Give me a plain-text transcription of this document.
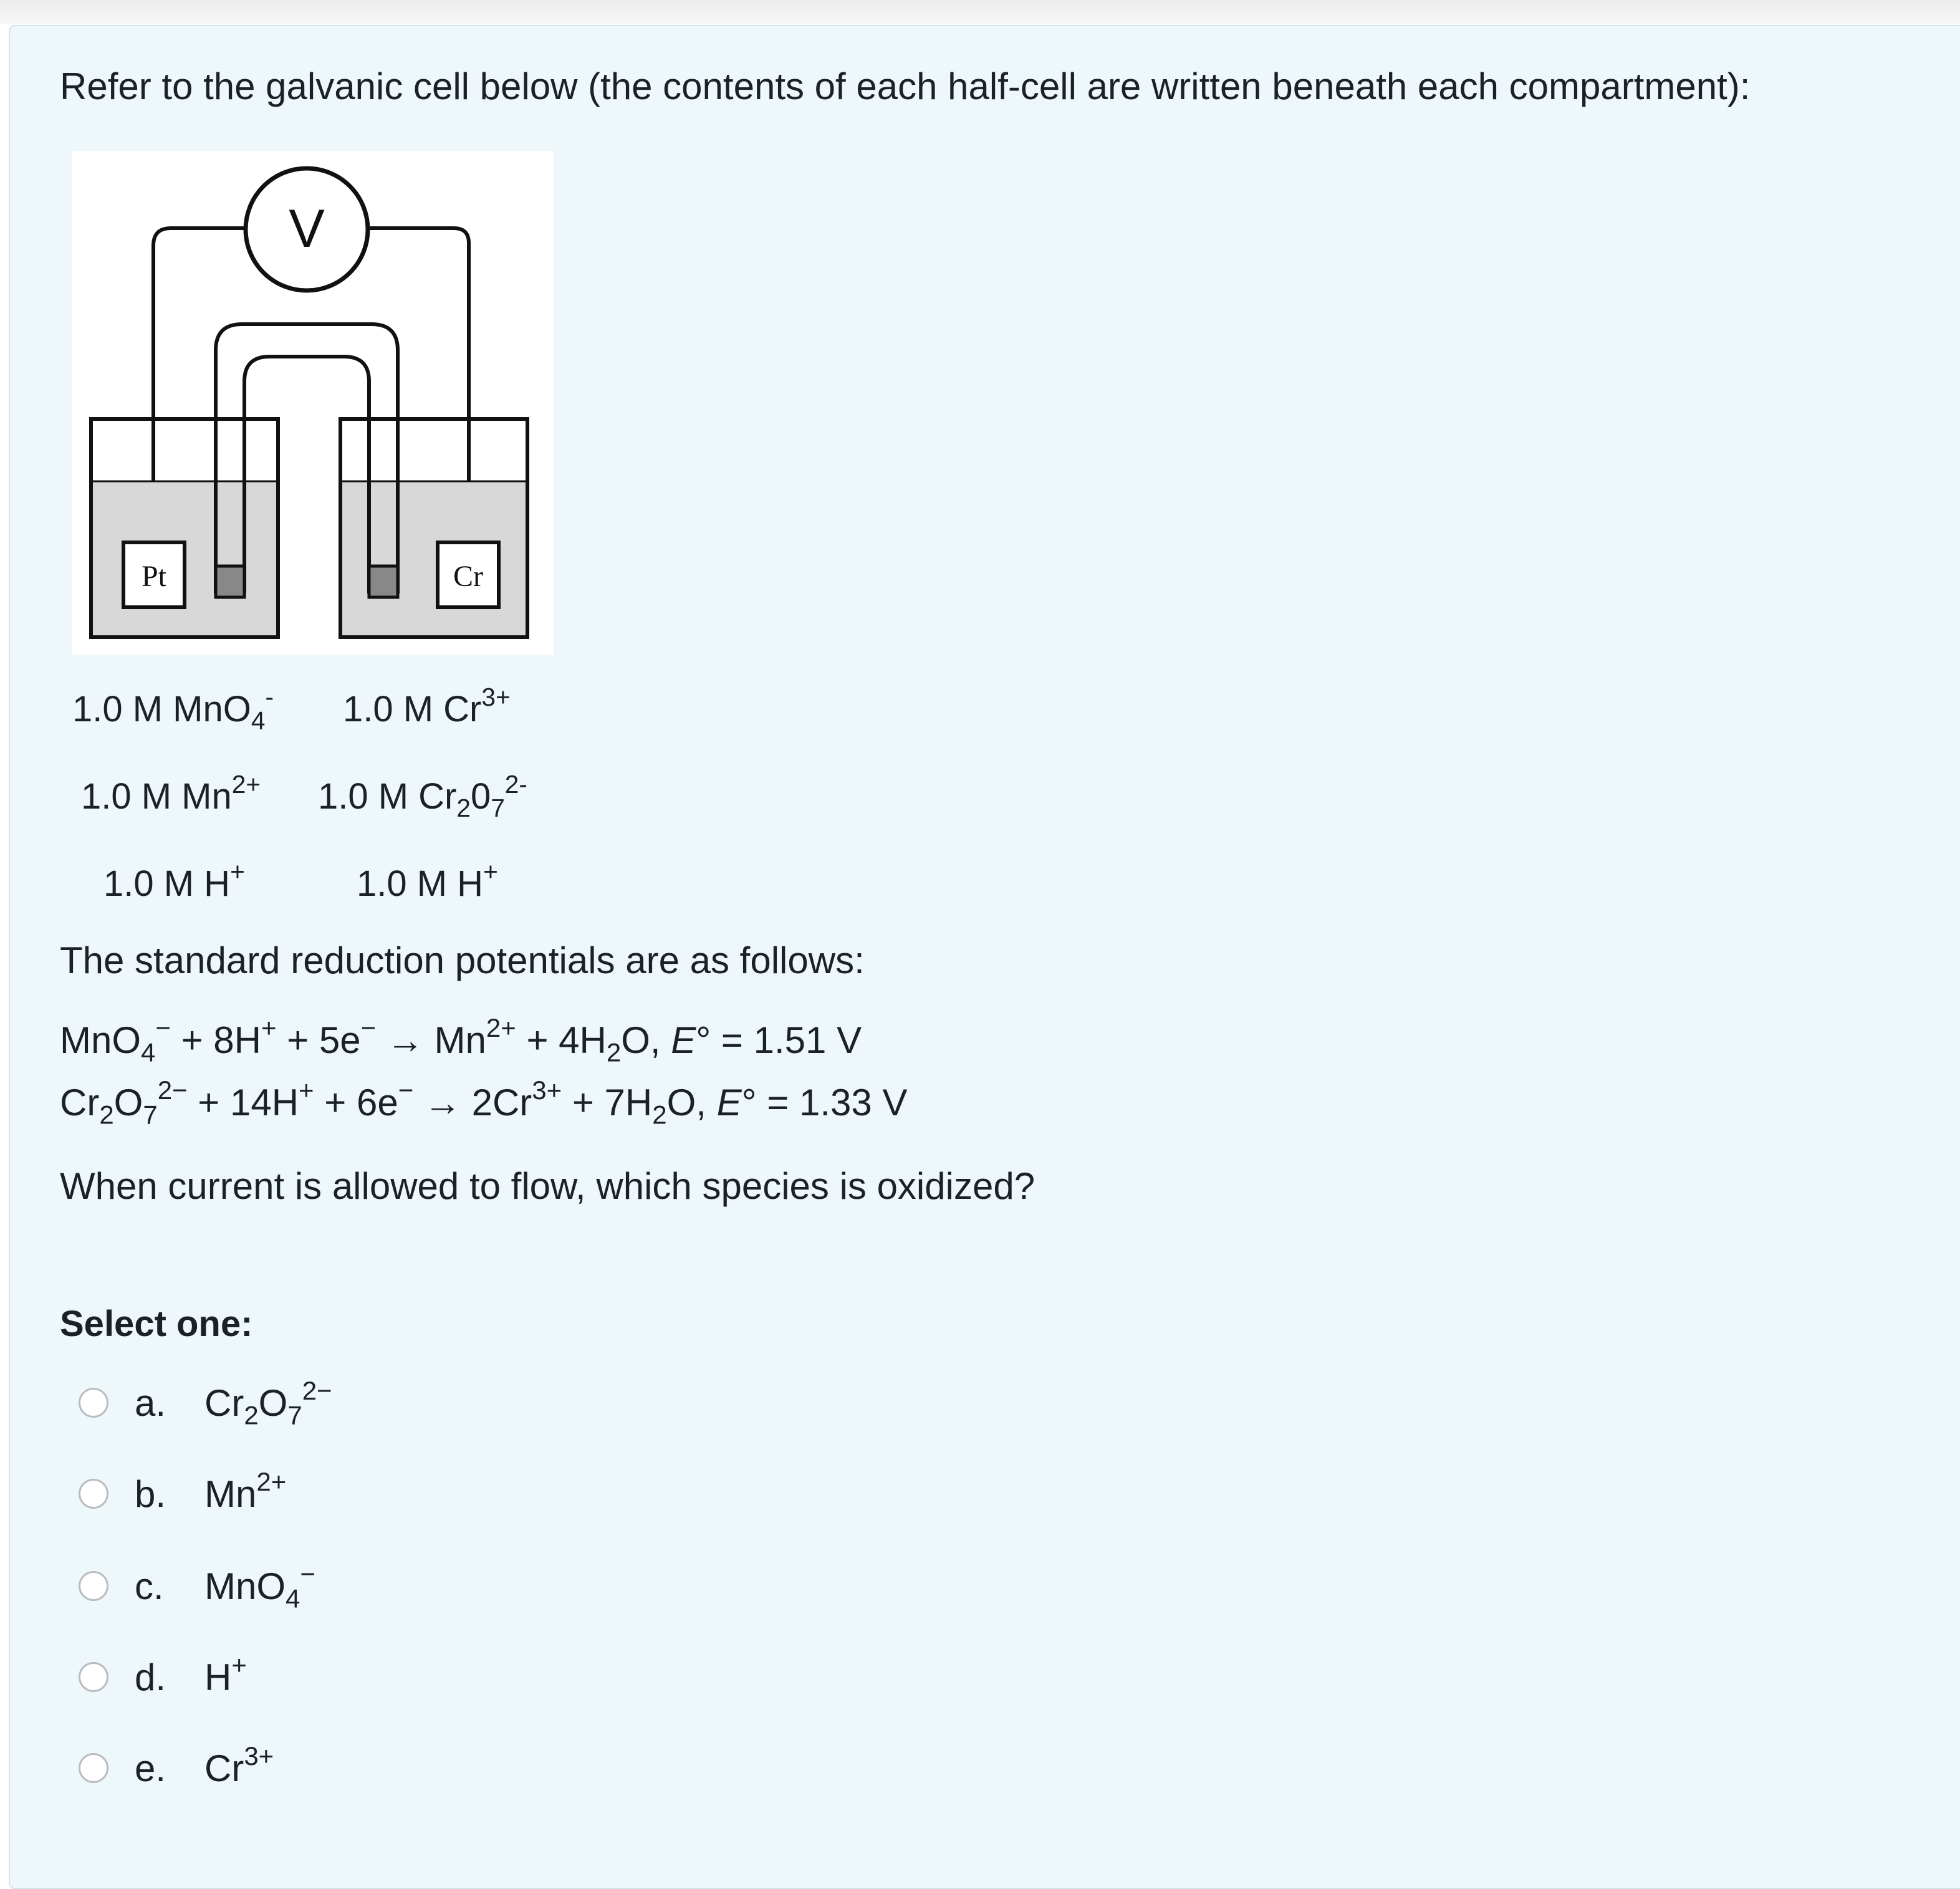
Refer to the galvanic cell below (the contents of each half-cell are written beneath each compartment):
V
Pt	Cr
1.0 M MnO$_4$- 1.0 M $Cr^{3+}$
1.0 M $Mn^{2+}$ 1.0 M $Cr_20_7^{2-}$
1.0 M H+	1.0 M H+
The standard reduction potentials are as follows:
$MnO_4^- + 8H^+ + 5e^- \to Mn^{2+} + 4H_2O$, E° = 1.51 V
$Cr_2O_7^{2-} + 14H^+ + 6e^- \to 2Cr^{3+} + 7H_2O$, E° = 1.33 V
When current is allowed to flow, which species is oxidized?
Select one:
a. $Cr_2O_7^{2-}$
b. $Mn^{2+}$
c. MnO$_4$−
d. H+
e. $Cr^{3+}$
